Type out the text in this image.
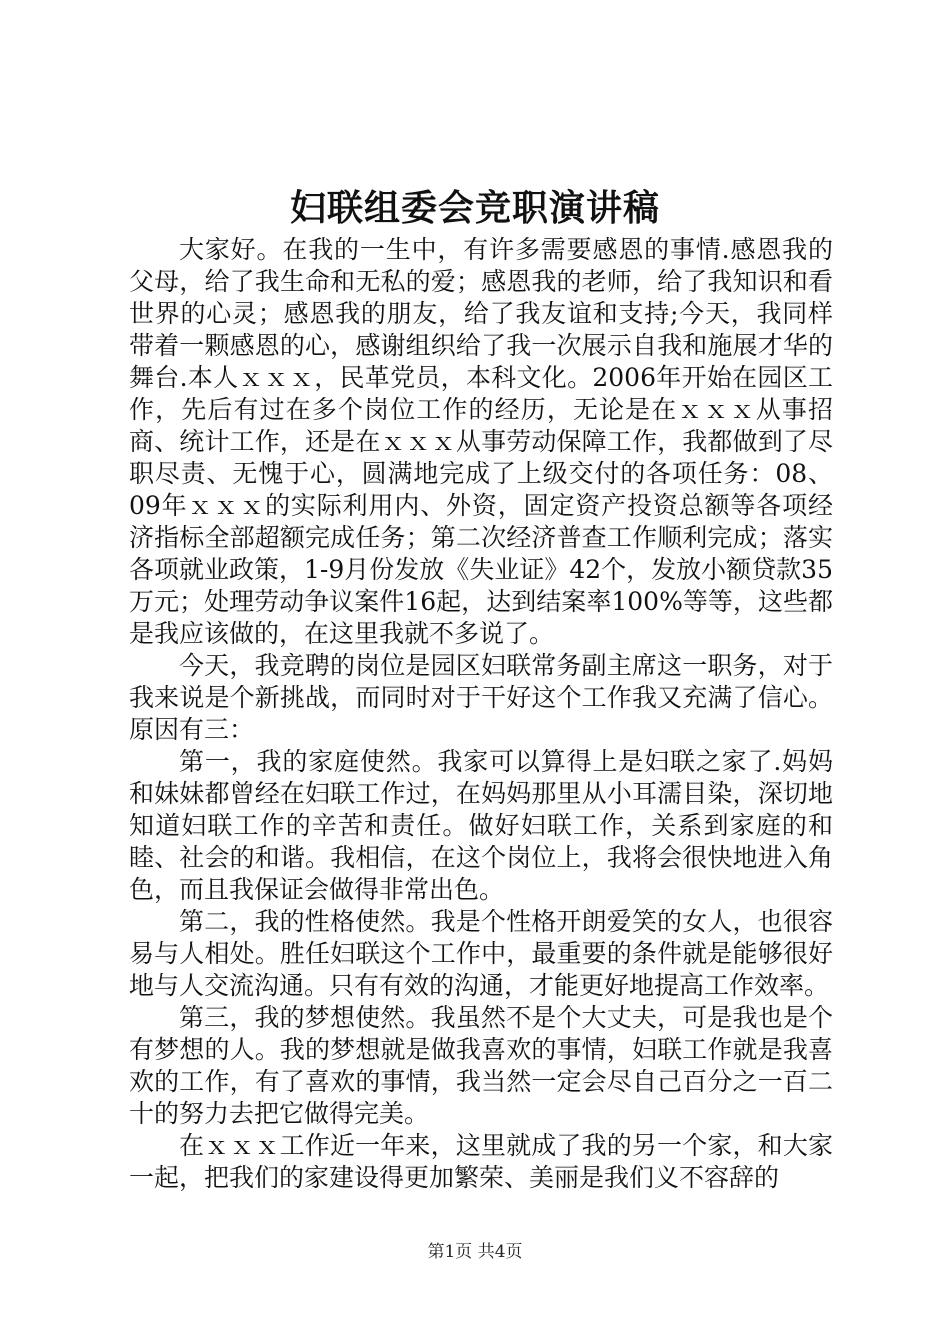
妇联组委会竞职演讲稿

大家好。在我的一生中，有许多需要感恩的事情.感恩我的父母，给了我生命和无私的爱；感恩我的老师，给了我知识和看世界的心灵；感恩我的朋友，给了我友谊和支持;今天，我同样带着一颗感恩的心，感谢组织给了我一次展示自我和施展才华的舞台.本人ｘｘｘ，民革党员，本科文化。2006年开始在园区工作，先后有过在多个岗位工作的经历，无论是在ｘｘｘ从事招商、统计工作，还是在ｘｘｘ从事劳动保障工作，我都做到了尽职尽责、无愧于心，圆满地完成了上级交付的各项任务：08、09年ｘｘｘ的实际利用内、外资，固定资产投资总额等各项经济指标全部超额完成任务；第二次经济普查工作顺利完成；落实各项就业政策，1-9月份发放《失业证》42个，发放小额贷款35万元；处理劳动争议案件16起，达到结案率100%等等，这些都是我应该做的，在这里我就不多说了。

今天，我竞聘的岗位是园区妇联常务副主席这一职务，对于我来说是个新挑战，而同时对于干好这个工作我又充满了信心。原因有三：

第一，我的家庭使然。我家可以算得上是妇联之家了.妈妈和妹妹都曾经在妇联工作过，在妈妈那里从小耳濡目染，深切地知道妇联工作的辛苦和责任。做好妇联工作，关系到家庭的和睦、社会的和谐。我相信，在这个岗位上，我将会很快地进入角色，而且我保证会做得非常出色。

第二，我的性格使然。我是个性格开朗爱笑的女人，也很容易与人相处。胜任妇联这个工作中，最重要的条件就是能够很好地与人交流沟通。只有有效的沟通，才能更好地提高工作效率。

第三，我的梦想使然。我虽然不是个大丈夫，可是我也是个有梦想的人。我的梦想就是做我喜欢的事情，妇联工作就是我喜欢的工作，有了喜欢的事情，我当然一定会尽自己百分之一百二十的努力去把它做得完美。

在ｘｘｘ工作近一年来，这里就成了我的另一个家，和大家一起，把我们的家建设得更加繁荣、美丽是我们义不容辞的

第1页 共4页
